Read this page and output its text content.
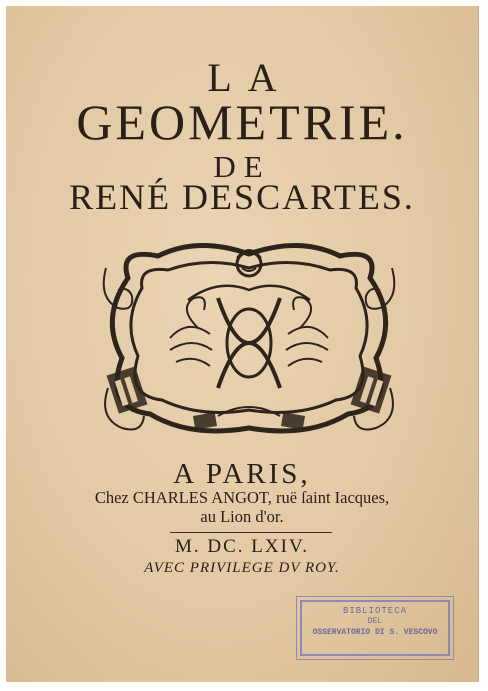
LA
GEOMETRIE.
DE
RENÉ DESCARTES.
A PARIS,
Chez CHARLES ANGOT, ruë ſaint Iacques,
au Lion d'or.
M. DC. LXIV.
AVEC PRIVILEGE DV ROY.
BIBLIOTECA
DEL
OSSERVATORIO DI S. VESCOVO
